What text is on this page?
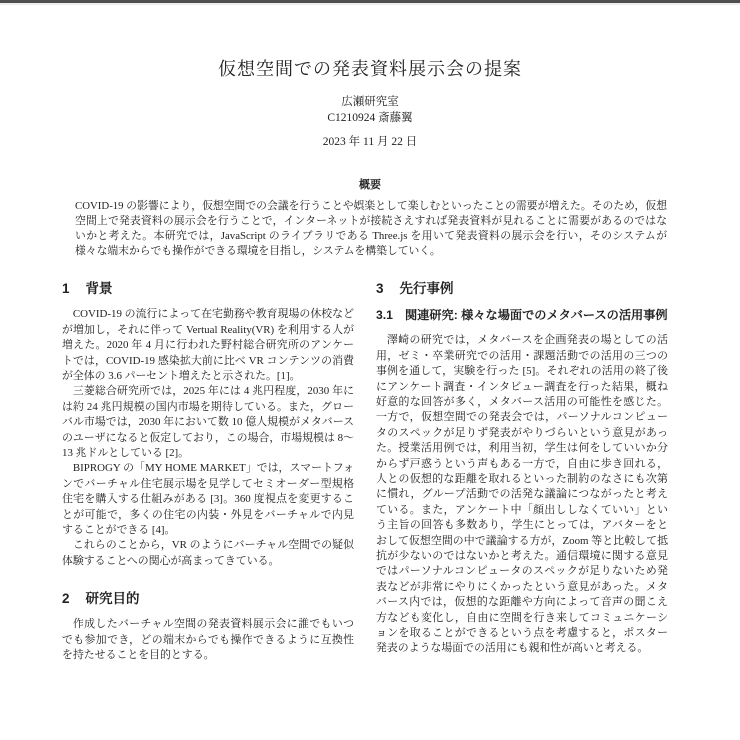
仮想空間での発表資料展示会の提案
広瀬研究室
C1210924 斎藤翼
2023 年 11 月 22 日
概要

COVID-19 の影響により，仮想空間での会議を行うことや娯楽として楽しむといったことの需要が増えた。そのため，仮想空間上で発表資料の展示会を行うことで，インターネットが接続さえすれば発表資料が見れることに需要があるのではないかと考えた。本研究では，JavaScript のライブラリである Three.js を用いて発表資料の展示会を行い，そのシステムが様々な端末からでも操作ができる環境を目指し，システムを構築していく。

1 背景

COVID-19 の流行によって在宅勤務や教育現場の休校などが増加し，それに伴って Vertual Reality(VR) を利用する人が増えた。2020 年 4 月に行われた野村総合研究所のアンケートでは，COVID-19 感染拡大前に比べ VR コンテンツの消費が全体の 3.6 パーセント増えたと示された。[1]。

三菱総合研究所では，2025 年には 4 兆円程度，2030 年には約 24 兆円規模の国内市場を期待している。また，グローバル市場では，2030 年において数 10 億人規模がメタバースのユーザになると仮定しており，この場合，市場規模は 8〜13 兆ドルとしている [2]。

BIPROGY の「MY HOME MARKET」では，スマートフォンでバーチャル住宅展示場を見学してセミオーダー型規格住宅を購入する仕組みがある [3]。360 度視点を変更することが可能で，多くの住宅の内装・外見をバーチャルで内見することができる [4]。

これらのことから，VR のようにバーチャル空間での疑似体験することへの関心が高まってきている。

2 研究目的

作成したバーチャル空間の発表資料展示会に誰でもいつでも参加でき，どの端末からでも操作できるように互換性を持たせることを目的とする。

3 先行事例
3.1 関連研究: 様々な場面でのメタバースの活用事例

澤崎の研究では，メタバースを企画発表の場としての活用，ゼミ・卒業研究での活用・課題活動での活用の三つの事例を通して，実験を行った [5]。それぞれの活用の終了後にアンケート調査・インタビュー調査を行った結果，概ね好意的な回答が多く，メタバース活用の可能性を感じた。一方で，仮想空間での発表会では，パーソナルコンピュータのスペックが足りず発表がやりづらいという意見があった。授業活用例では，利用当初，学生は何をしていいか分からず戸惑うという声もある一方で，自由に歩き回れる，人との仮想的な距離を取れるといった制約のなさにも次第に慣れ，グループ活動での活発な議論につながったと考えている。また，アンケート中「顔出ししなくていい」という主旨の回答も多数あり，学生にとっては，アバターをとおして仮想空間の中で議論する方が，Zoom 等と比較して抵抗が少ないのではないかと考えた。通信環境に関する意見ではパーソナルコンピュータのスペックが足りないため発表などが非常にやりにくかったという意見があった。メタバース内では，仮想的な距離や方向によって音声の聞こえ方なども変化し，自由に空間を行き来してコミュニケーションを取ることができるという点を考慮すると，ポスター発表のような場面での活用にも親和性が高いと考える。
